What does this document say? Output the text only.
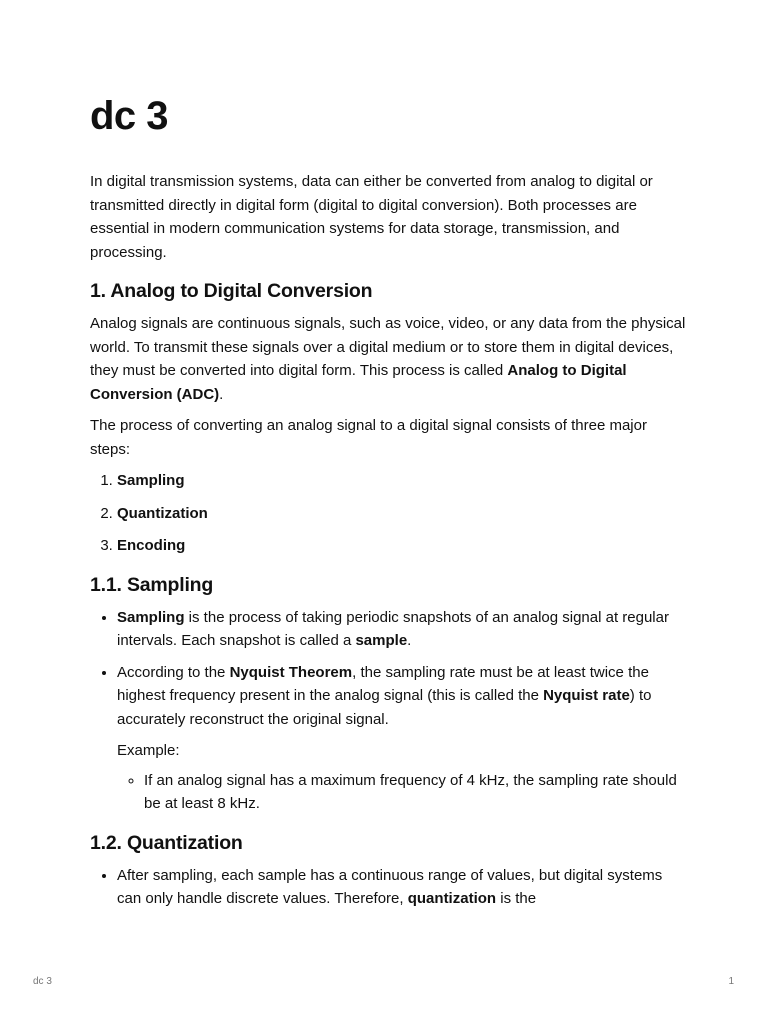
dc 3

In digital transmission systems, data can either be converted from analog to digital or transmitted directly in digital form (digital to digital conversion). Both processes are essential in modern communication systems for data storage, transmission, and processing.

1. Analog to Digital Conversion

Analog signals are continuous signals, such as voice, video, or any data from the physical world. To transmit these signals over a digital medium or to store them in digital devices, they must be converted into digital form. This process is called Analog to Digital Conversion (ADC).

The process of converting an analog signal to a digital signal consists of three major steps:

1. Sampling
2. Quantization
3. Encoding
1.1. Sampling
• Sampling is the process of taking periodic snapshots of an analog signal at regular intervals. Each snapshot is called a sample.
• According to the Nyquist Theorem, the sampling rate must be at least twice the highest frequency present in the analog signal (this is called the Nyquist rate) to accurately reconstruct the original signal.

Example:

◦ If an analog signal has a maximum frequency of 4 kHz, the sampling rate should be at least 8 kHz.
1.2. Quantization
• After sampling, each sample has a continuous range of values, but digital systems can only handle discrete values. Therefore, quantization is the
dc 3	1
